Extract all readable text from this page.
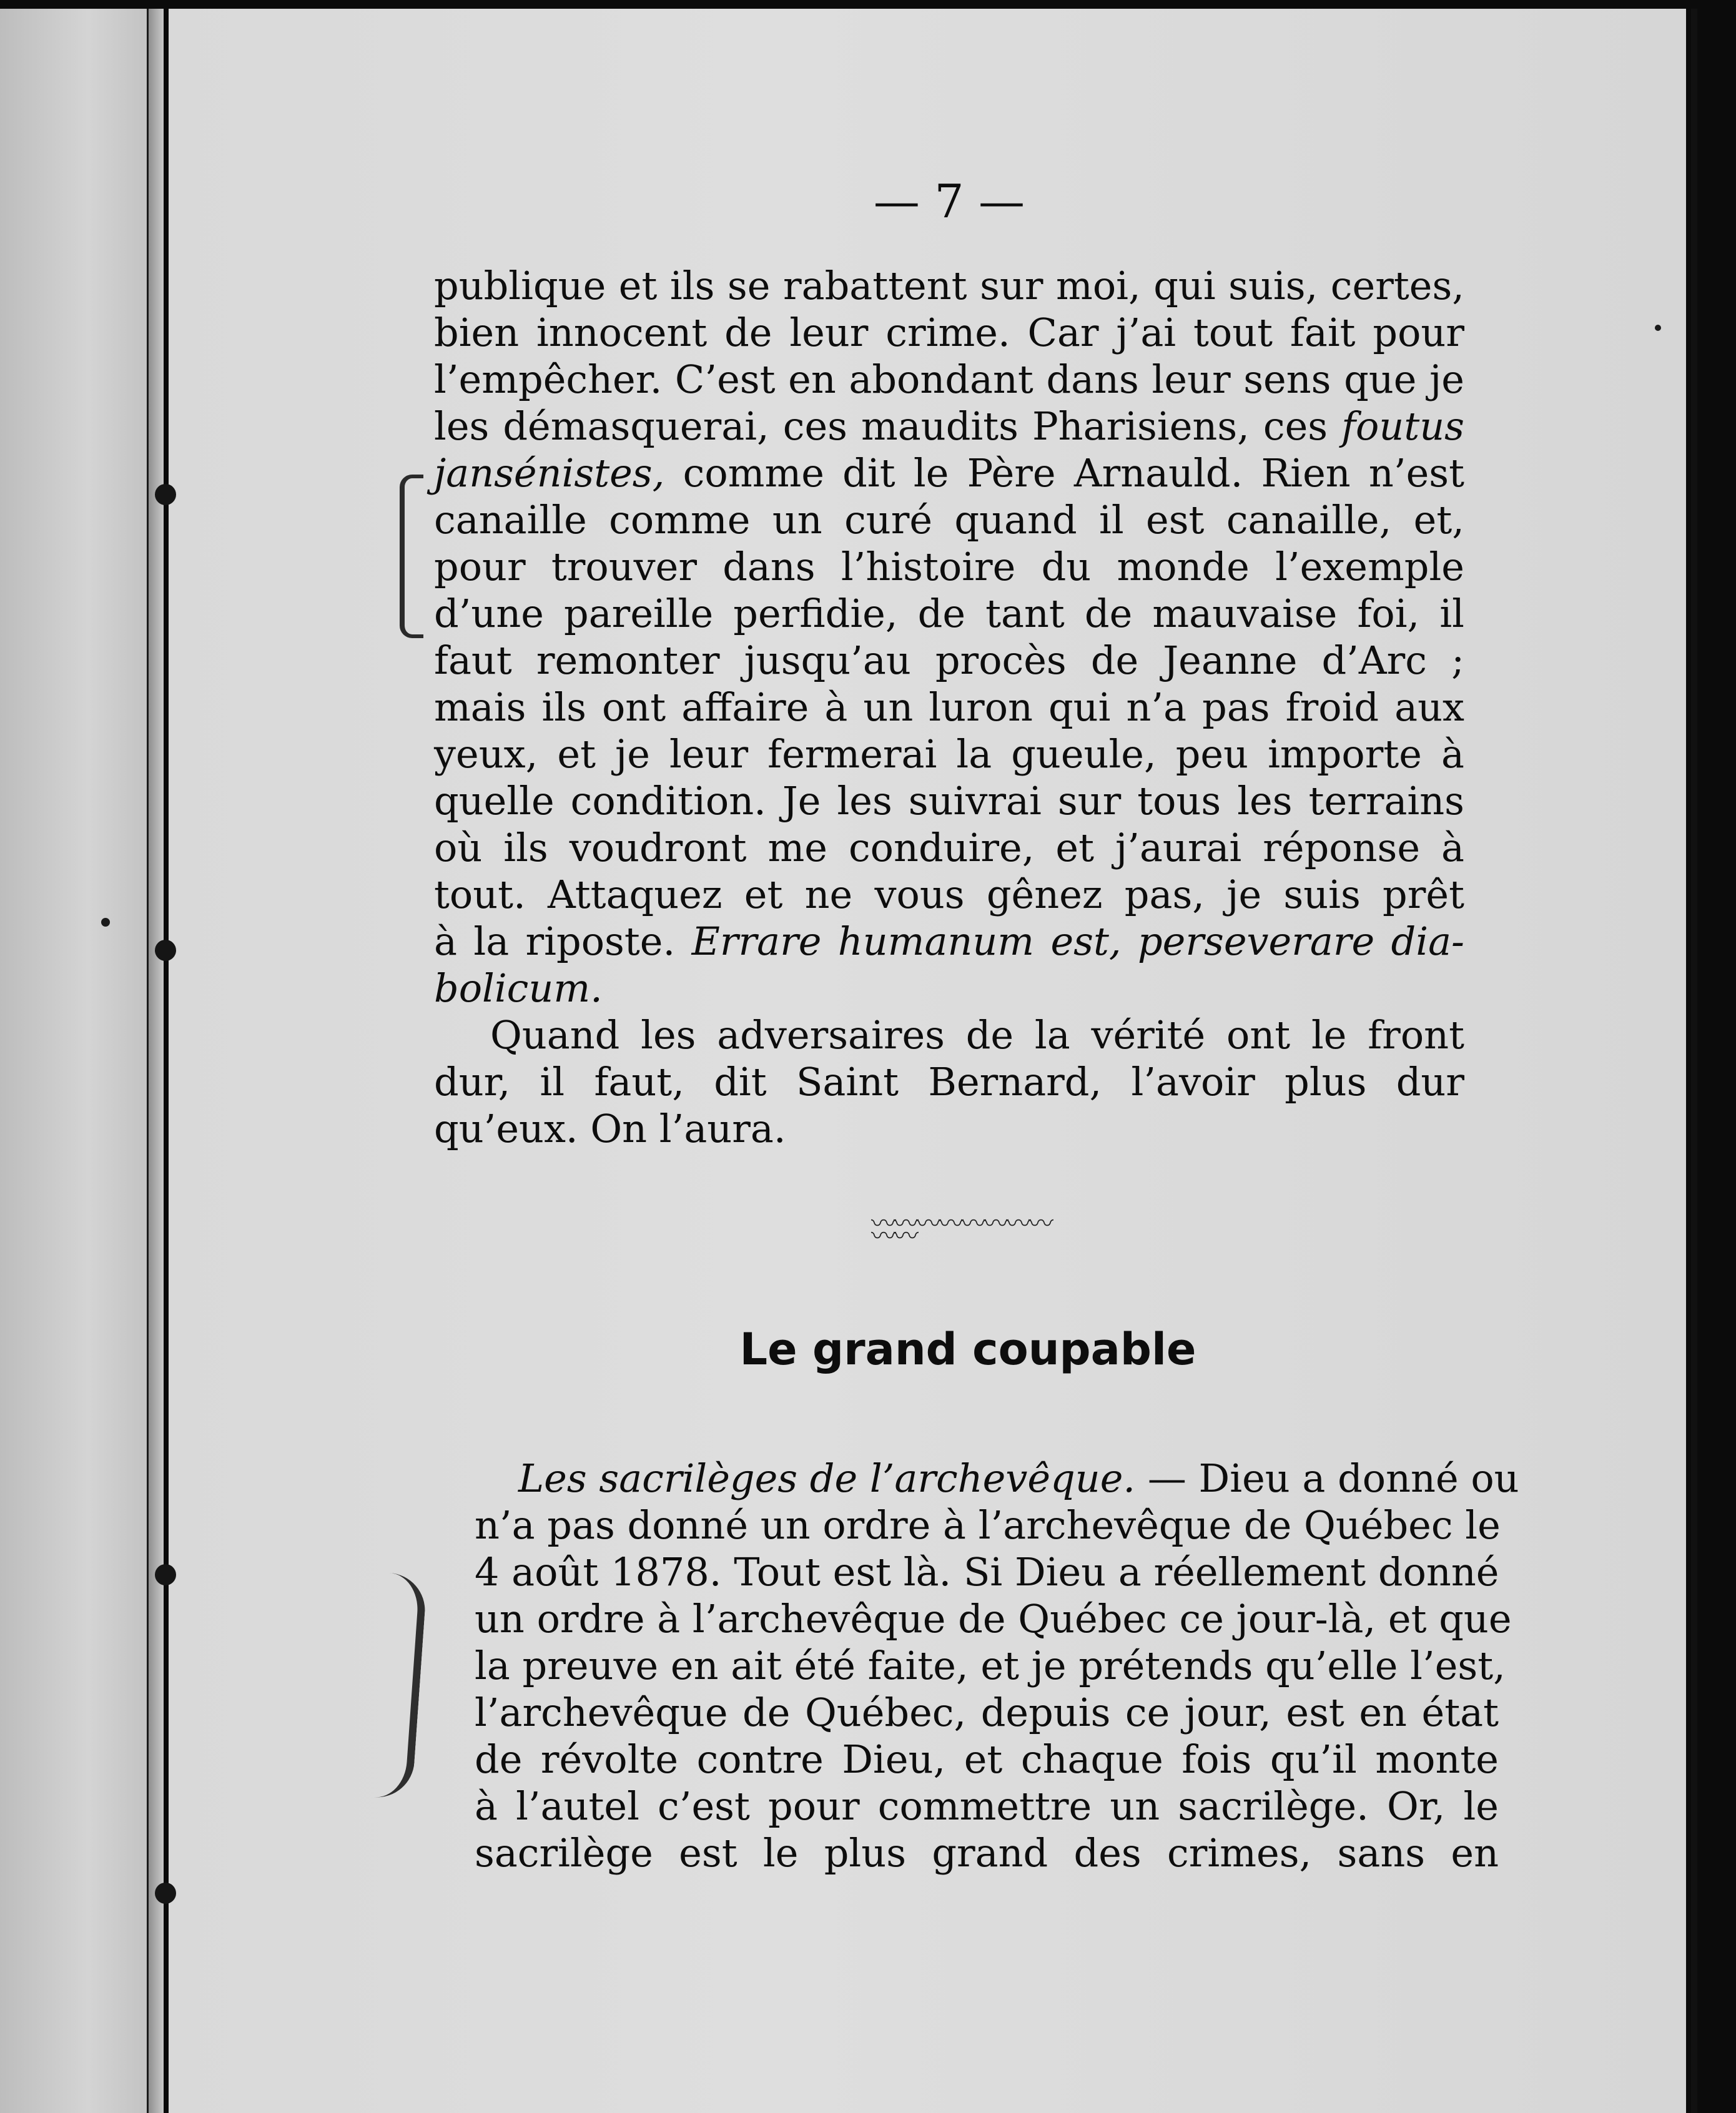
— 7 —
publique et ils se rabattent sur moi, qui suis, certes,
bien innocent de leur crime. Car j’ai tout fait pour
l’empêcher. C’est en abondant dans leur sens que je
les démasquerai, ces maudits Pharisiens, ces foutus
jansénistes, comme dit le Père Arnauld. Rien n’est
canaille comme un curé quand il est canaille, et,
pour trouver dans l’histoire du monde l’exemple
d’une pareille perfidie, de tant de mauvaise foi, il
faut remonter jusqu’au procès de Jeanne d’Arc ;
mais ils ont affaire à un luron qui n’a pas froid aux
yeux, et je leur fermerai la gueule, peu importe à
quelle condition. Je les suivrai sur tous les terrains
où ils voudront me conduire, et j’aurai réponse à
tout. Attaquez et ne vous gênez pas, je suis prêt
à la riposte. Errare humanum est, perseverare dia-
bolicum.
Quand les adversaires de la vérité ont le front
dur, il faut, dit Saint Bernard, l’avoir plus dur
qu’eux. On l’aura.
〰〰〰〰〰〰〰〰〰〰
Le grand coupable
Les sacrilèges de l’archevêque. — Dieu a donné ou
n’a pas donné un ordre à l’archevêque de Québec le
4 août 1878. Tout est là. Si Dieu a réellement donné
un ordre à l’archevêque de Québec ce jour-là, et que
la preuve en ait été faite, et je prétends qu’elle l’est,
l’archevêque de Québec, depuis ce jour, est en état
de révolte contre Dieu, et chaque fois qu’il monte
à l’autel c’est pour commettre un sacrilège. Or, le
sacrilège est le plus grand des crimes, sans en
